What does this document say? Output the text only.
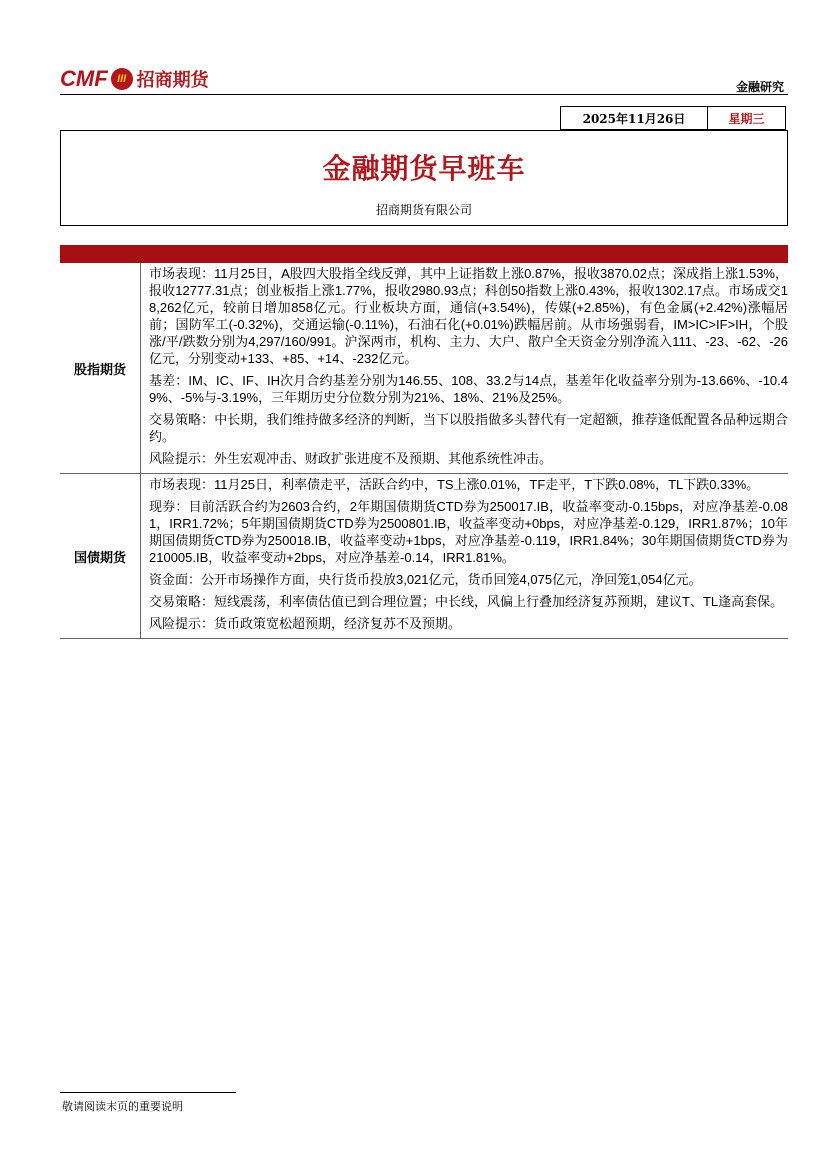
CMF III 招商期货	金融研究
2025年11月26日	星期三
金融期货早班车
招商期货有限公司
股指期货

市场表现：11月25日，A股四大股指全线反弹，其中上证指数上涨0.87%，报收3870.02点；深成指上涨1.53%，报收12777.31点；创业板指上涨1.77%，报收2980.93点；科创50指数上涨0.43%，报收1302.17点。市场成交18,262亿元，较前日增加858亿元。行业板块方面，通信(+3.54%)，传媒(+2.85%)，有色金属(+2.42%)涨幅居前；国防军工(-0.32%)，交通运输(-0.11%)，石油石化(+0.01%)跌幅居前。从市场强弱看，IM>IC>IF>IH，个股涨/平/跌数分别为4,297/160/991。沪深两市，机构、主力、大户、散户全天资金分别净流入111、-23、-62、-26亿元，分别变动+133、+85、+14、-232亿元。

基差：IM、IC、IF、IH次月合约基差分别为146.55、108、33.2与14点，基差年化收益率分别为-13.66%、-10.49%、-5%与-3.19%，三年期历史分位数分别为21%、18%、21%及25%。

交易策略：中长期，我们维持做多经济的判断，当下以股指做多头替代有一定超额，推荐逢低配置各品种远期合约。

风险提示：外生宏观冲击、财政扩张进度不及预期、其他系统性冲击。

国债期货

市场表现：11月25日，利率债走平，活跃合约中，TS上涨0.01%，TF走平，T下跌0.08%，TL下跌0.33%。

现券：目前活跃合约为2603合约，2年期国债期货CTD券为250017.IB，收益率变动-0.15bps，对应净基差-0.081，IRR1.72%；5年期国债期货CTD券为2500801.IB，收益率变动+0bps，对应净基差-0.129，IRR1.87%；10年期国债期货CTD券为250018.IB，收益率变动+1bps，对应净基差-0.119，IRR1.84%；30年期国债期货CTD券为210005.IB，收益率变动+2bps，对应净基差-0.14，IRR1.81%。

资金面：公开市场操作方面，央行货币投放3,021亿元，货币回笼4,075亿元，净回笼1,054亿元。

交易策略：短线震荡，利率债估值已到合理位置；中长线，风偏上行叠加经济复苏预期，建议T、TL逢高套保。

风险提示：货币政策宽松超预期，经济复苏不及预期。

敬请阅读末页的重要说明
